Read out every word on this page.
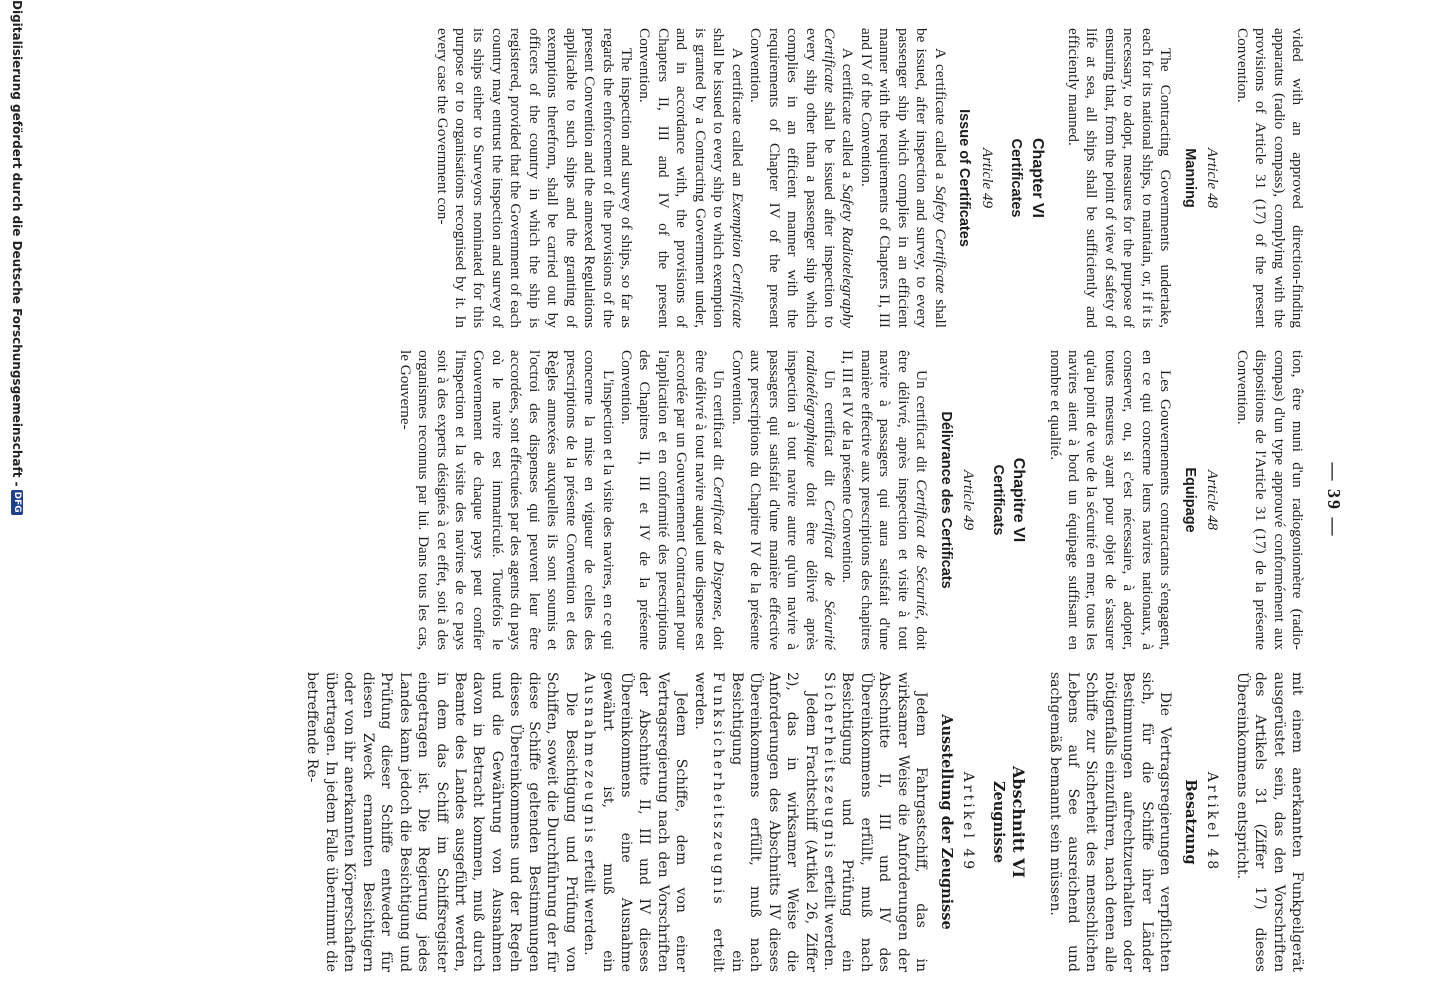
— 39 —

vided with an approved direction-finding apparatus (radio compass), complying with the provisions of Article 31 (17) of the present Convention.

Article 48
Manning

The Contracting Governments undertake, each for its national ships, to maintain, or, if it is necessary, to adopt, measures for the purpose of ensuring that, from the point of view of safety of life at sea, all ships shall be sufficiently and efficiently manned.

Chapter VI
Certificates
Article 49
Issue of Certificates

A certificate called a Safety Certificate shall be issued, after inspection and survey, to every passenger ship which complies in an efficient manner with the requirements of Chapters II, III and IV of the Convention.

A certificate called a Safety Radiotelegraphy Certificate shall be issued after inspection to every ship other than a passenger ship which complies in an efficient manner with the requirements of Chapter IV of the present Convention.

A certificate called an Exemption Certificate shall be issued to every ship to which exemption is granted by a Contracting Government under, and in accordance with, the provisions of Chapters II, III and IV of the present Convention.

The inspection and survey of ships, so far as regards the enforcement of the provisions of the present Convention and the annexed Regulations applicable to such ships and the granting of exemptions therefrom, shall be carried out by officers of the country in which the ship is registered, provided that the Government of each country may entrust the inspection and survey of its ships either to Surveyors nominated for this purpose or to organisations recognised by it. In every case the Government con-

tion, être muni d'un radiogoniomètre (radio-compas) d'un type approuvé conformément aux dispositions de l'Article 31 (17) de la présente Convention.

Article 48
Equipage

Les Gouvernements contractants s'engagent, en ce qui concerne leurs navires nationaux, à conserver, ou, si c'est nécessaire, à adopter, toutes mesures ayant pour objet de s'assurer qu'au point de vue de la sécurité en mer, tous les navires aient à bord un équipage suffisant en nombre et qualité.

Chapitre VI
Certificats
Article 49
Délivrance des Certificats

Un certificat dit Certificat de Sécurité, doit être délivré, après inspection et visite à tout navire à passagers qui aura satisfait d'une manière effective aux prescriptions des chapitres II, III et IV de la présente Convention.

Un certificat dit Certificat de Sécurité radiotélégraphique doit être délivré après inspection à tout navire autre qu'un navire à passagers qui satisfait d'une manière effective aux prescriptions du Chapitre IV de la présente Convention.

Un certificat dit Certificat de Dispense, doit être délivré à tout navire auquel une dispense est accordée par un Gouvernement Contractant pour l'application et en conformité des prescriptions des Chapitres II, III et IV de la présente Convention.

L'inspection et la visite des navires, en ce qui concerne la mise en vigueur de celles des prescriptions de la présente Convention et des Règles annexées auxquelles ils sont soumis et l'octroi des dispenses qui peuvent leur être accordées, sont effectuées par des agents du pays où le navire est immatriculé. Toutefois le Gouvernement de chaque pays peut confier l'inspection et la visite des navires de ce pays soit à des experts désignés à cet effet, soit à des organismes reconnus par lui. Dans tous les cas, le Gouverne-

mit einem anerkannten Funkpeilgerät ausgerüstet sein, das den Vorschriften des Artikels 31 (Ziffer 17) dieses Übereinkommens entspricht.

Artikel 48
Besatzung

Die Vertragsregierungen verpflichten sich, für die Schiffe ihrer Länder Bestimmungen aufrechtzuerhalten oder nötigenfalls einzuführen, nach denen alle Schiffe zur Sicherheit des menschlichen Lebens auf See ausreichend und sachgemäß bemannt sein müssen.

Abschnitt VI
Zeugnisse
Artikel 49
Ausstellung der Zeugnisse

Jedem Fahrgastschiff, das in wirksamer Weise die Anforderungen der Abschnitte II, III und IV des Übereinkommens erfüllt, muß nach Besichtigung und Prüfung ein Sicherheitszeugnis erteilt werden.

Jedem Frachtschiff (Artikel 26, Ziffer 2), das in wirksamer Weise die Anforderungen des Abschnitts IV dieses Übereinkommens erfüllt, muß nach Besichtigung ein Funksicherheitszeugnis erteilt werden.

Jedem Schiffe, dem von einer Vertragsregierung nach den Vorschriften der Abschnitte II, III und IV dieses Übereinkommens eine Ausnahme gewährt ist, muß ein Ausnahmezeugnis erteilt werden.

Die Besichtigung und Prüfung von Schiffen, soweit die Durchführung der für diese Schiffe geltenden Bestimmungen dieses Übereinkommens und der Regeln und die Gewährung von Ausnahmen davon in Betracht kommen, muß durch Beamte des Landes ausgeführt werden, in dem das Schiff im Schiffsregister eingetragen ist. Die Regierung jedes Landes kann jedoch die Besichtigung und Prüfung dieser Schiffe entweder für diesen Zweck ernannten Besichtigern oder von ihr anerkannten Körperschaften übertragen. In jedem Falle übernimmt die betreffende Re-

Digitalisierung gefördert durch die Deutsche Forschungsgemeinschaft -
DFG
